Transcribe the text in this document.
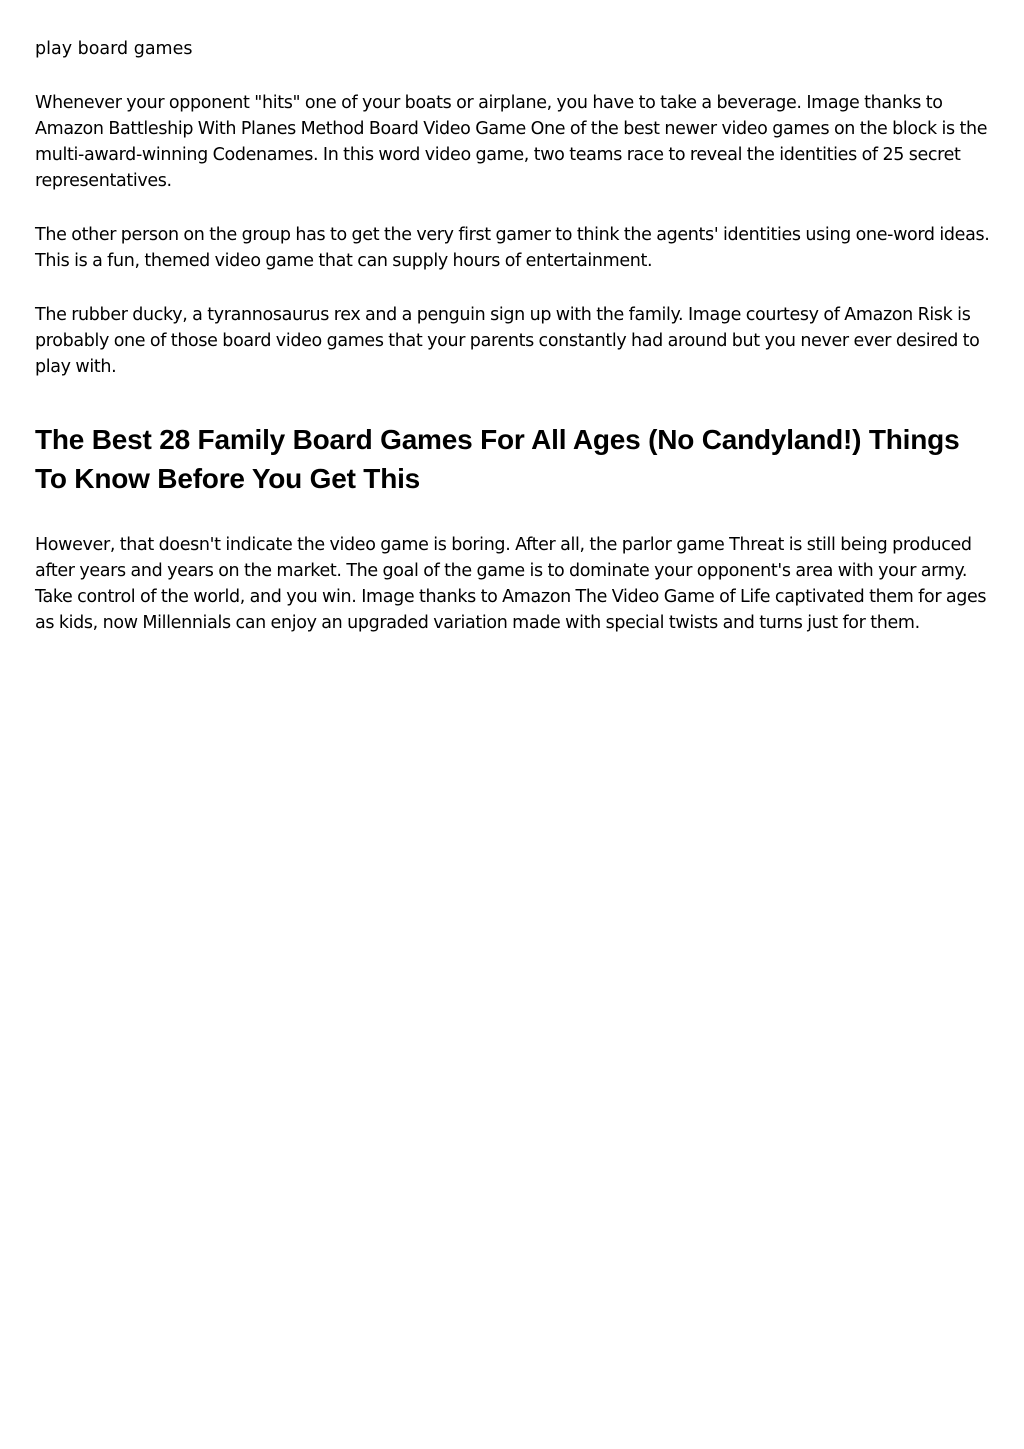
play board games

Whenever your opponent "hits" one of your boats or airplane, you have to take a beverage. Image thanks to Amazon Battleship With Planes Method Board Video Game One of the best newer video games on the block is the multi-award-winning Codenames. In this word video game, two teams race to reveal the identities of 25 secret representatives.

The other person on the group has to get the very first gamer to think the agents' identities using one-word ideas. This is a fun, themed video game that can supply hours of entertainment.

The rubber ducky, a tyrannosaurus rex and a penguin sign up with the family. Image courtesy of Amazon Risk is probably one of those board video games that your parents constantly had around but you never ever desired to play with.

The Best 28 Family Board Games For All Ages (No Candyland!) Things To Know Before You Get This

However, that doesn't indicate the video game is boring. After all, the parlor game Threat is still being produced after years and years on the market. The goal of the game is to dominate your opponent's area with your army. Take control of the world, and you win. Image thanks to Amazon The Video Game of Life captivated them for ages as kids, now Millennials can enjoy an upgraded variation made with special twists and turns just for them.
